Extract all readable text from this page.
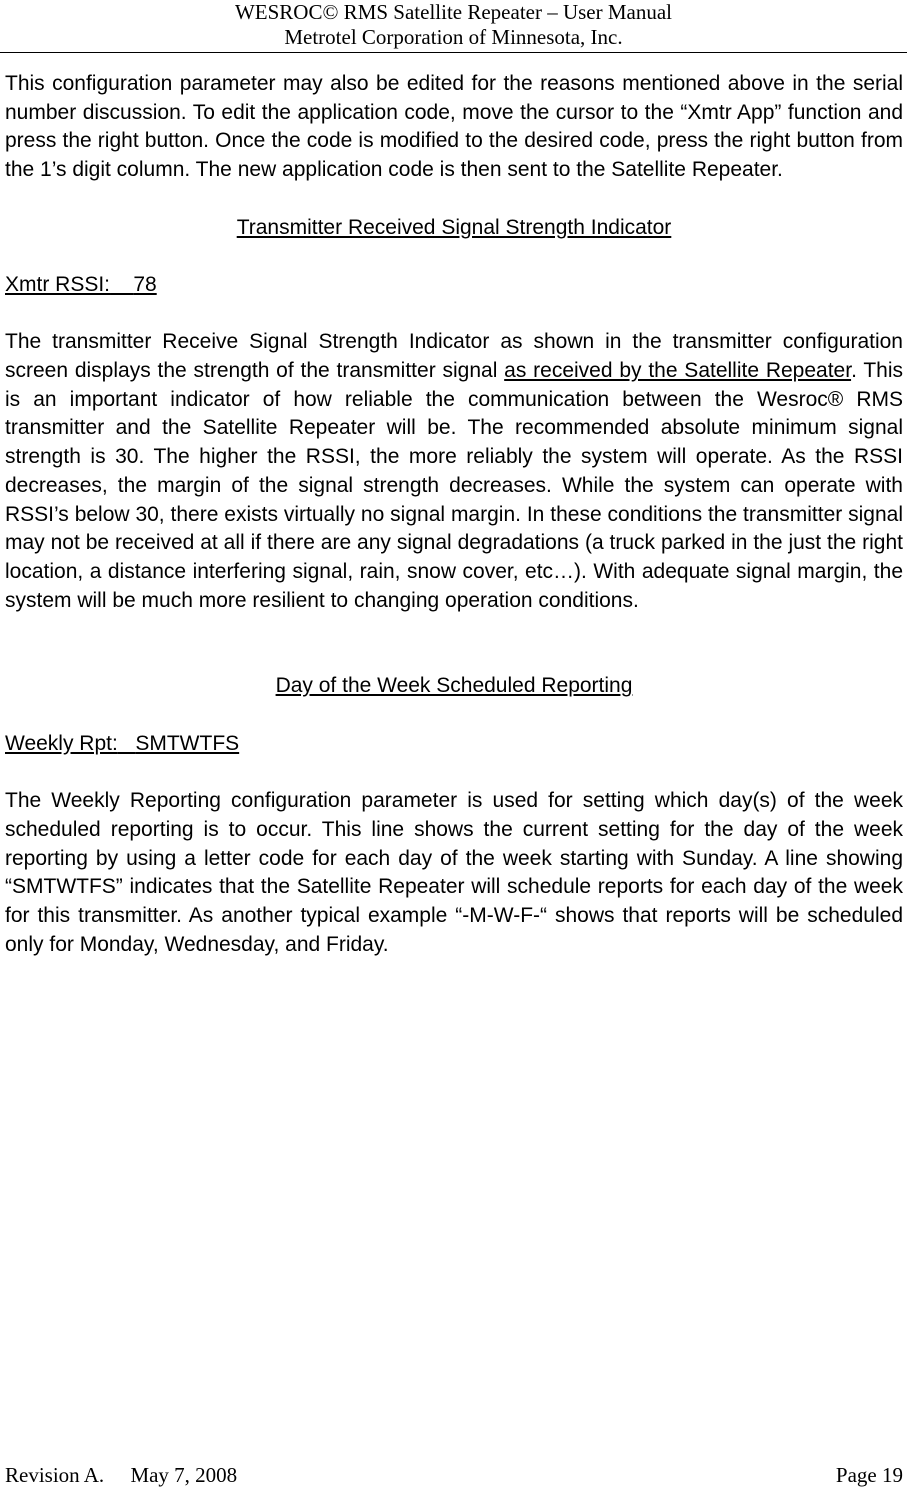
WESROC© RMS Satellite Repeater – User Manual
Metrotel Corporation of Minnesota, Inc.

This configuration parameter may also be edited for the reasons mentioned above in the serial number discussion. To edit the application code, move the cursor to the “Xmtr App” function and press the right button. Once the code is modified to the desired code, press the right button from the 1’s digit column. The new application code is then sent to the Satellite Repeater.

Transmitter Received Signal Strength Indicator

Xmtr RSSI: 78

The transmitter Receive Signal Strength Indicator as shown in the transmitter configuration screen displays the strength of the transmitter signal as received by the Satellite Repeater. This is an important indicator of how reliable the communication between the Wesroc® RMS transmitter and the Satellite Repeater will be. The recommended absolute minimum signal strength is 30. The higher the RSSI, the more reliably the system will operate. As the RSSI decreases, the margin of the signal strength decreases. While the system can operate with RSSI’s below 30, there exists virtually no signal margin. In these conditions the transmitter signal may not be received at all if there are any signal degradations (a truck parked in the just the right location, a distance interfering signal, rain, snow cover, etc…). With adequate signal margin, the system will be much more resilient to changing operation conditions.

Day of the Week Scheduled Reporting

Weekly Rpt: SMTWTFS

The Weekly Reporting configuration parameter is used for setting which day(s) of the week scheduled reporting is to occur. This line shows the current setting for the day of the week reporting by using a letter code for each day of the week starting with Sunday. A line showing “SMTWTFS” indicates that the Satellite Repeater will schedule reports for each day of the week for this transmitter. As another typical example “-M-W-F-“ shows that reports will be scheduled only for Monday, Wednesday, and Friday.

Revision A. May 7, 2008	Page 19
